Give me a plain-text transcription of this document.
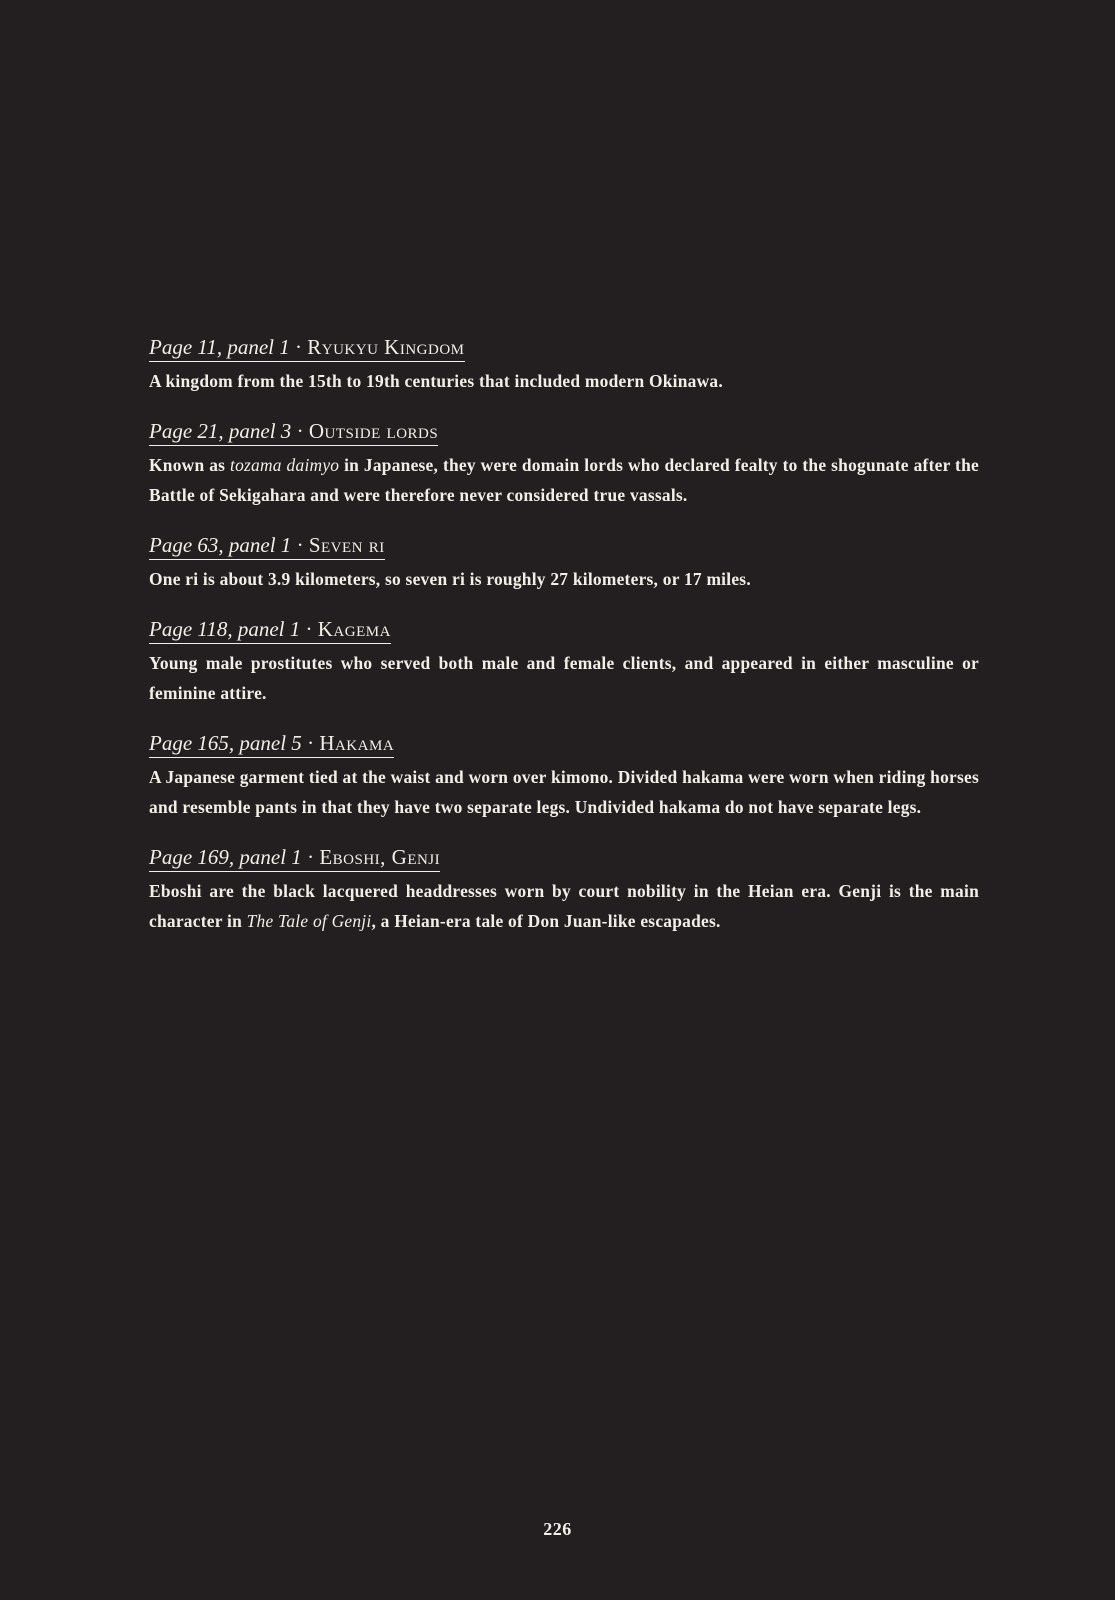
Page 11, panel 1 · Ryukyu Kingdom
A kingdom from the 15th to 19th centuries that included modern Okinawa.
Page 21, panel 3 · Outside lords
Known as tozama daimyo in Japanese, they were domain lords who declared fealty to the shogunate after the Battle of Sekigahara and were therefore never considered true vassals.
Page 63, panel 1 · Seven ri
One ri is about 3.9 kilometers, so seven ri is roughly 27 kilometers, or 17 miles.
Page 118, panel 1 · Kagema
Young male prostitutes who served both male and female clients, and appeared in either masculine or feminine attire.
Page 165, panel 5 · Hakama
A Japanese garment tied at the waist and worn over kimono. Divided hakama were worn when riding horses and resemble pants in that they have two separate legs. Undivided hakama do not have separate legs.
Page 169, panel 1 · Eboshi, Genji
Eboshi are the black lacquered headdresses worn by court nobility in the Heian era. Genji is the main character in The Tale of Genji, a Heian-era tale of Don Juan-like escapades.
226
